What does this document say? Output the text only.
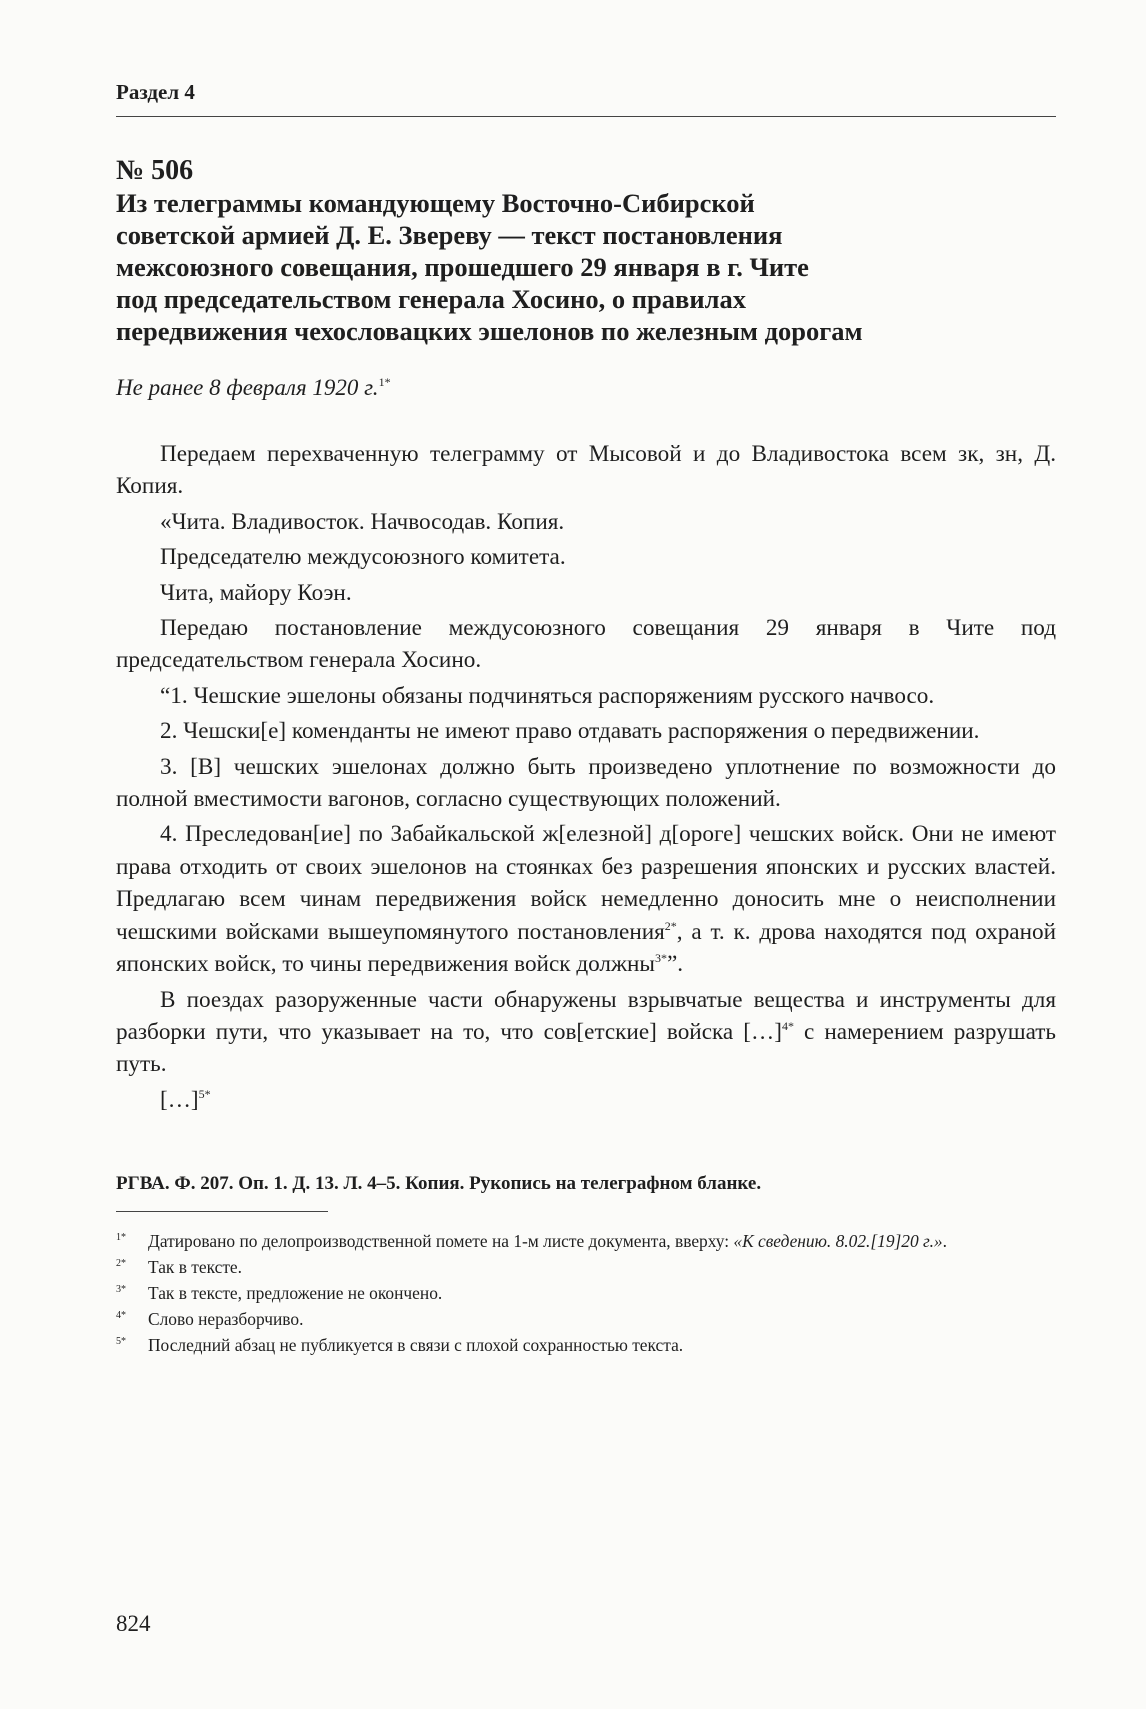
Раздел 4
№ 506
Из телеграммы командующему Восточно-Сибирской
советской армией Д. Е. Звереву — текст постановления
межсоюзного совещания, прошедшего 29 января в г. Чите
под председательством генерала Хосино, о правилах
передвижения чехословацких эшелонов по железным дорогам
Не ранее 8 февраля 1920 г.$^{1*}$

Передаем перехваченную телеграмму от Мысовой и до Владивостока всем зк, зн, Д. Копия.

«Чита. Владивосток. Начвосодав. Копия.

Председателю междусоюзного комитета.

Чита, майору Коэн.

Передаю постановление междусоюзного совещания 29 января в Чите под председательством генерала Хосино.

“1. Чешские эшелоны обязаны подчиняться распоряжениям русского начвосо.

2. Чешски[е] коменданты не имеют право отдавать распоряжения о передвижении.

3. [В] чешских эшелонах должно быть произведено уплотнение по возможности до полной вместимости вагонов, согласно существующих положений.

4. Преследован[ие] по Забайкальской ж[елезной] д[ороге] чешских войск. Они не имеют права отходить от своих эшелонов на стоянках без разрешения японских и русских властей. Предлагаю всем чинам передвижения войск немедленно доносить мне о неисполнении чешскими войсками вышеупомянутого постановления$^{2*}$, а т. к. дрова находятся под охраной японских войск, то чины передвижения войск должны$^{3*}$”.

В поездах разоруженные части обнаружены взрывчатые вещества и инструменты для разборки пути, что указывает на то, что сов[етские] войска […]$^{4*}$ с намерением разрушать путь.

[…]$^{5*}$

РГВА. Ф. 207. Оп. 1. Д. 13. Л. 4–5. Копия. Рукопись на телеграфном бланке.
$^{1*}$	Датировано по делопроизводственной помете на 1-м листе документа, вверху: «К сведению. 8.02.[19]20 г.».
$^{2*}$	Так в тексте.
$^{3*}$	Так в тексте, предложение не окончено.
$^{4*}$	Слово неразборчиво.
$^{5*}$	Последний абзац не публикуется в связи с плохой сохранностью текста.
824
